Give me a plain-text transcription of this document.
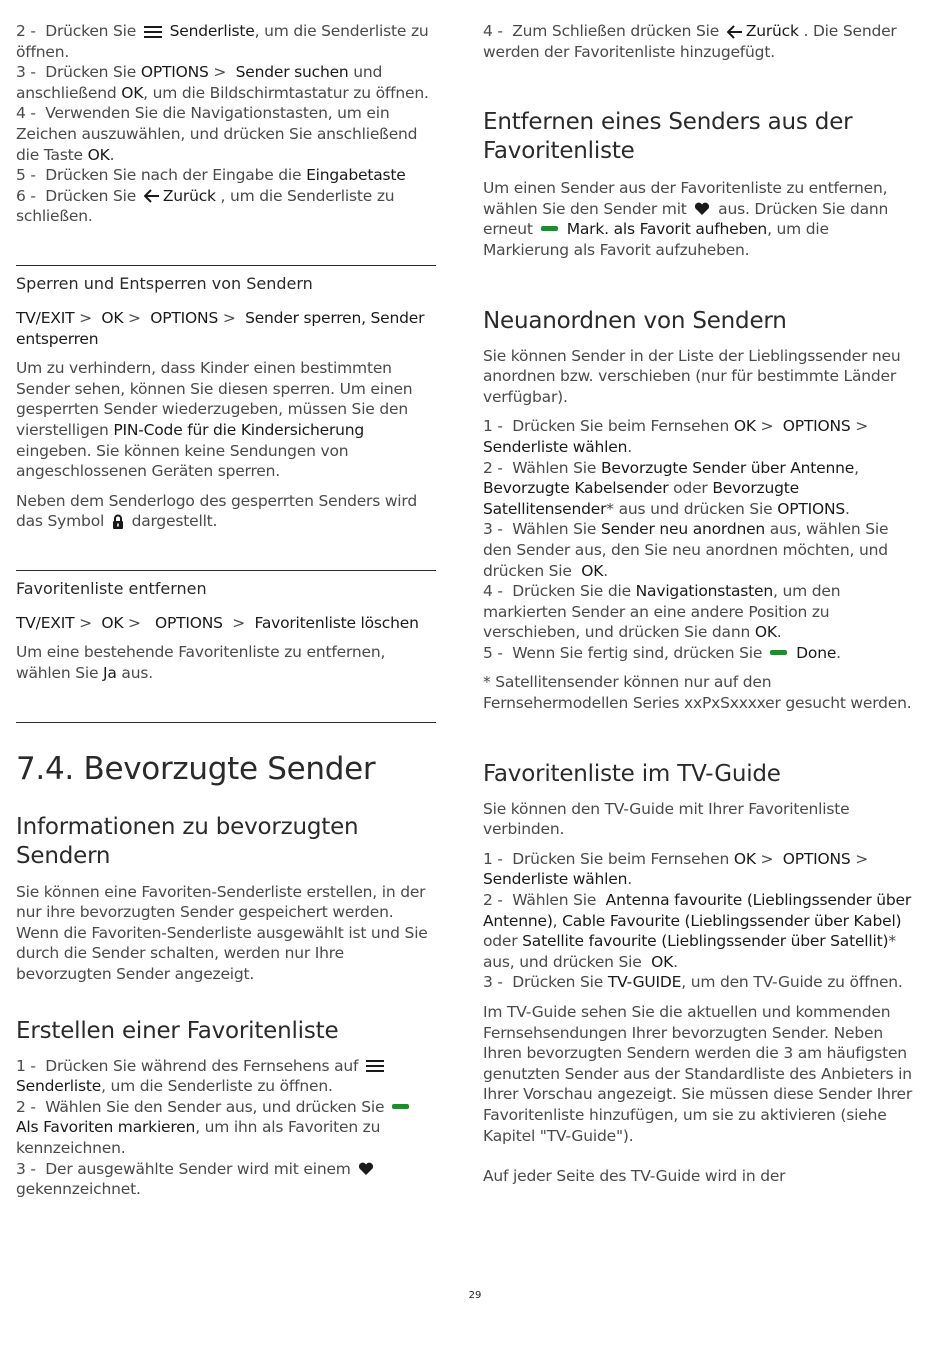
2 - Drücken Sie Senderliste, um die Senderliste zu öffnen.

3 - Drücken Sie OPTIONS >  Sender suchen und anschließend OK, um die Bildschirmtastatur zu öffnen.

4 - Verwenden Sie die Navigationstasten, um ein Zeichen auszuwählen, und drücken Sie anschließend die Taste OK.

5 - Drücken Sie nach der Eingabe die Eingabetaste

6 - Drücken Sie Zurück , um die Senderliste zu schließen.

Sperren und Entsperren von Sendern

TV/EXIT >  OK >  OPTIONS >  Sender sperren, Sender entsperren

Um zu verhindern, dass Kinder einen bestimmten Sender sehen, können Sie diesen sperren. Um einen gesperrten Sender wiederzugeben, müssen Sie den vierstelligen PIN-Code für die Kindersicherung eingeben. Sie können keine Sendungen von angeschlossenen Geräten sperren.

Neben dem Senderlogo des gesperrten Senders wird das Symbol dargestellt.

Favoritenliste entfernen

TV/EXIT >  OK >   OPTIONS  >  Favoritenliste löschen

Um eine bestehende Favoritenliste zu entfernen, wählen Sie Ja aus.

7.4. Bevorzugte Sender
Informationen zu bevorzugten Sendern

Sie können eine Favoriten-Senderliste erstellen, in der nur ihre bevorzugten Sender gespeichert werden. Wenn die Favoriten-Senderliste ausgewählt ist und Sie durch die Sender schalten, werden nur Ihre bevorzugten Sender angezeigt.

Erstellen einer Favoritenliste

1 - Drücken Sie während des Fernsehens auf
Senderliste, um die Senderliste zu öffnen.

2 - Wählen Sie den Sender aus, und drücken SieAls Favoriten markieren, um ihn als Favoriten zu kennzeichnen.

3 - Der ausgewählte Sender wird mit einem
gekennzeichnet.

4 - Zum Schließen drücken Sie Zurück . Die Sender werden der Favoritenliste hinzugefügt.

Entfernen eines Senders aus der Favoritenliste

Um einen Sender aus der Favoritenliste zu entfernen, wählen Sie den Sender mit aus. Drücken Sie dann erneut Mark. als Favorit aufheben, um die Markierung als Favorit aufzuheben.

Neuanordnen von Sendern

Sie können Sender in der Liste der Lieblingssender neu anordnen bzw. verschieben (nur für bestimmte Länder verfügbar).

1 - Drücken Sie beim Fernsehen OK >  OPTIONS > Senderliste wählen.

2 - Wählen Sie Bevorzugte Sender über Antenne, Bevorzugte Kabelsender oder Bevorzugte Satellitensender* aus und drücken Sie OPTIONS.

3 - Wählen Sie Sender neu anordnen aus, wählen Sie den Sender aus, den Sie neu anordnen möchten, und drücken Sie OK.

4 - Drücken Sie die Navigationstasten, um den markierten Sender an eine andere Position zu verschieben, und drücken Sie dann OK.

5 - Wenn Sie fertig sind, drücken Sie Done.

* Satellitensender können nur auf den Fernsehermodellen Series xxPxSxxxxer gesucht werden.

Favoritenliste im TV-Guide

Sie können den TV-Guide mit Ihrer Favoritenliste verbinden.

1 - Drücken Sie beim Fernsehen OK >  OPTIONS > Senderliste wählen.

2 - Wählen Sie Antenna favourite (Lieblingssender über Antenne), Cable Favourite (Lieblingssender über Kabel) oder Satellite favourite (Lieblingssender über Satellit)* aus, und drücken Sie OK.

3 - Drücken Sie TV-GUIDE, um den TV-Guide zu öffnen.

Im TV-Guide sehen Sie die aktuellen und kommenden Fernsehsendungen Ihrer bevorzugten Sender. Neben Ihren bevorzugten Sendern werden die 3 am häufigsten genutzten Sender aus der Standardliste des Anbieters in Ihrer Vorschau angezeigt. Sie müssen diese Sender Ihrer Favoritenliste hinzufügen, um sie zu aktivieren (siehe Kapitel "TV-Guide").

Auf jeder Seite des TV-Guide wird in der

29
